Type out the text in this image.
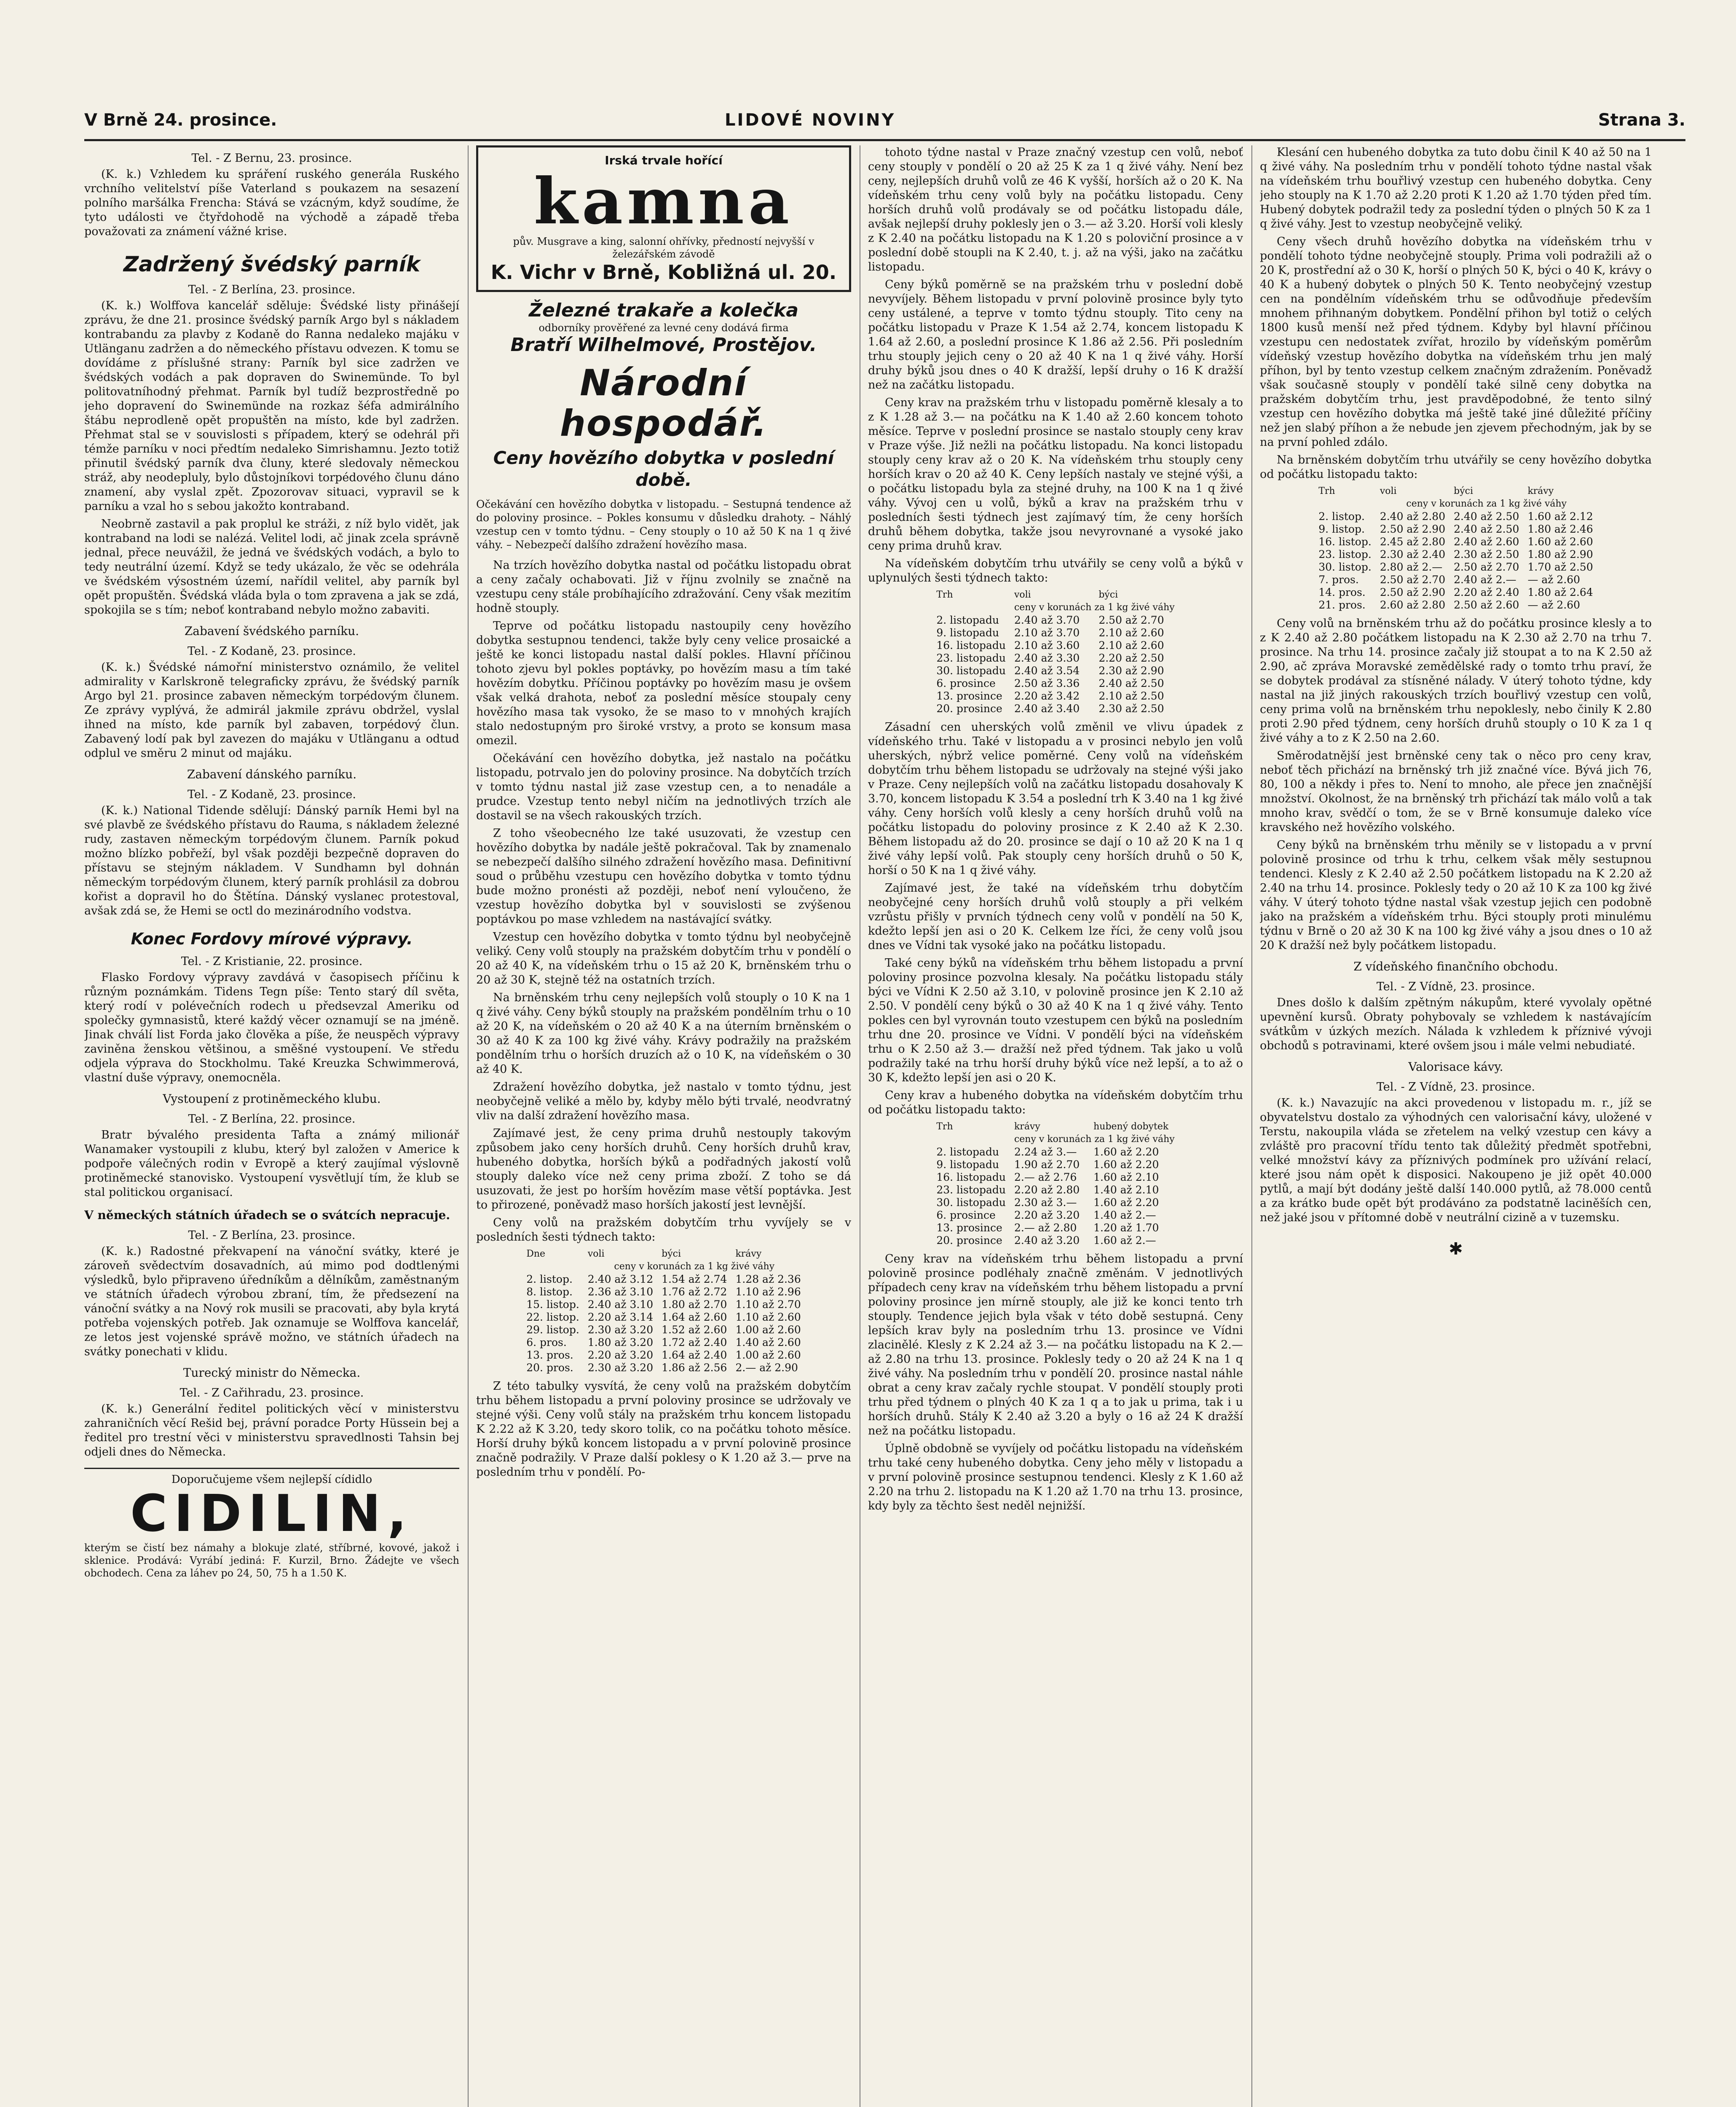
V Brně 24. prosince.	LIDOVÉ NOVINY	Strana 3.

Tel. - Z Bernu, 23. prosince.

(K. k.) Vzhledem ku spráření ruského generála Ruského vrchního velitelství píše Vaterland s poukazem na sesazení polního maršálka Frencha: Stává se vzácným, když soudíme, že tyto události ve čtyřdohodě na východě a západě třeba považovati za známení vážné krise.

Zadržený švédský parník

Tel. - Z Berlína, 23. prosince.

(K. k.) Wolffova kancelář sděluje: Švédské listy přinášejí zprávu, že dne 21. prosince švédský parník Argo byl s nákladem kontrabandu za plavby z Kodaně do Ranna nedaleko majáku v Utlänganu zadržen a do německého přístavu odvezen. K tomu se dovídáme z příslušné strany: Parník byl sice zadržen ve švédských vodách a pak dopraven do Swinemünde. To byl politovatníhodný přehmat. Parník byl tudíž bezprostředně po jeho dopravení do Swinemünde na rozkaz šéfa admirálního štábu neprodleně opět propuštěn na místo, kde byl zadržen. Přehmat stal se v souvislosti s případem, který se odehrál při témže parníku v noci předtím nedaleko Simrishamnu. Jezto totiž přinutil švédský parník dva čluny, které sledovaly německou stráž, aby neodepluly, bylo důstojníkovi torpédového člunu dáno znamení, aby vyslal zpět. Zpozorovav situaci, vypravil se k parníku a vzal ho s sebou jakožto kontraband.

Neobrně zastavil a pak proplul ke stráži, z níž bylo vidět, jak kontraband na lodi se nalézá. Velitel lodi, ač jinak zcela správně jednal, přece neuvážil, že jedná ve švédských vodách, a bylo to tedy neutrální území. Když se tedy ukázalo, že věc se odehrála ve švédském výsostném území, nařídil velitel, aby parník byl opět propuštěn. Švédská vláda byla o tom zpravena a jak se zdá, spokojila se s tím; neboť kontraband nebylo možno zabaviti.

Zabavení švédského parníku.

Tel. - Z Kodaně, 23. prosince.

(K. k.) Švédské námořní ministerstvo oznámilo, že velitel admirality v Karlskroně telegraficky zprávu, že švédský parník Argo byl 21. prosince zabaven německým torpédovým člunem. Ze zprávy vyplývá, že admirál jakmile zprávu obdržel, vyslal ihned na místo, kde parník byl zabaven, torpédový člun. Zabavený lodí pak byl zavezen do majáku v Utlänganu a odtud odplul ve směru 2 minut od majáku.

Zabavení dánského parníku.

Tel. - Z Kodaně, 23. prosince.

(K. k.) National Tidende sdělují: Dánský parník Hemi byl na své plavbě ze švédského přístavu do Rauma, s nákladem železné rudy, zastaven německým torpédovým člunem. Parník pokud možno blízko pobřeží, byl však později bezpečně dopraven do přístavu se stejným nákladem. V Sundhamn byl dohnán německým torpédovým člunem, který parník prohlásil za dobrou kořist a dopravil ho do Štětína. Dánský vyslanec protestoval, avšak zdá se, že Hemi se octl do mezinárodního vodstva.

Konec Fordovy mírové výpravy.

Tel. - Z Kristianie, 22. prosince.

Flasko Fordovy výpravy zavdává v časopisech příčinu k různým poznámkám. Tidens Tegn píše: Tento starý díl světa, který rodí v polévečních rodech u předsevzal Ameriku od společky gymnasistů, které každý věcer oznamují se na jméně. Jinak chválí list Forda jako člověka a píše, že neuspěch výpravy zaviněna ženskou většinou, a směšné vystoupení. Ve středu odjela výprava do Stockholmu. Také Kreuzka Schwimmerová, vlastní duše výpravy, onemocněla.

Vystoupení z protiněmeckého klubu.

Tel. - Z Berlína, 22. prosince.

Bratr bývalého presidenta Tafta a známý milionář Wanamaker vystoupili z klubu, který byl založen v Americe k podpoře válečných rodin v Evropě a který zaujímal výslovně protiněmecké stanovisko. Vystoupení vysvětlují tím, že klub se stal politickou organisací.

V německých státních úřadech se o svátcích nepracuje.

Tel. - Z Berlína, 23. prosince.

(K. k.) Radostné překvapení na vánoční svátky, které je zároveň svědectvím dosavadních, aú mimo pod dodtlenými výsledků, bylo připraveno úředníkům a dělníkům, zaměstnaným ve státních úřadech výrobou zbraní, tím, že předsezení na vánoční svátky a na Nový rok musili se pracovati, aby byla krytá potřeba vojenských potřeb. Jak oznamuje se Wolffova kancelář, ze letos jest vojenské správě možno, ve státních úřadech na svátky ponechati v klidu.

Turecký ministr do Německa.

Tel. - Z Cařihradu, 23. prosince.

(K. k.) Generální ředitel politických věcí v ministerstvu zahraničních věcí Rešid bej, právní poradce Porty Hüssein bej a ředitel pro trestní věci v ministerstvu spravedlnosti Tahsin bej odjeli dnes do Německa.

Doporučujeme všem nejlepší cídidlo
CIDILIN,
kterým se čistí bez námahy a blokuje zlaté, stříbrné, kovové, jakož i sklenice. Prodává: Vyrábí jediná: F. Kurzil, Brno. Žádejte ve všech obchodech. Cena za láhev po 24, 50, 75 h a 1.50 K.
Irská trvale hořící
kamna
pův. Musgrave a king, salonní ohřívky, předností nejvyšší v železářském závodě
K. Vichr v Brně, Kobližná ul. 20.
Železné trakaře a kolečka
odborníky prověřené za levné ceny dodává firma
Bratří Wilhelmové, Prostějov.
Národní hospodář.
Ceny hovězího dobytka v poslední době.

Očekávání cen hovězího dobytka v listopadu. – Sestupná tendence až do poloviny prosince. – Pokles konsumu v důsledku drahoty. – Náhlý vzestup cen v tomto týdnu. – Ceny stouply o 10 až 50 K na 1 q živé váhy. – Nebezpečí dalšího zdražení hovězího masa.

Na trzích hovězího dobytka nastal od počátku listopadu obrat a ceny začaly ochabovati. Již v říjnu zvolnily se značně na vzestupu ceny stále probíhajícího zdražování. Ceny však mezitím hodně stouply.

Teprve od počátku listopadu nastoupily ceny hovězího dobytka sestupnou tendenci, takže byly ceny velice prosaické a ještě ke konci listopadu nastal další pokles. Hlavní příčinou tohoto zjevu byl pokles poptávky, po hovězím masu a tím také hovězím dobytku. Příčinou poptávky po hovězím masu je ovšem však velká drahota, neboť za poslední měsíce stoupaly ceny hovězího masa tak vysoko, že se maso to v mnohých krajích stalo nedostupným pro široké vrstvy, a proto se konsum masa omezil.

Očekávání cen hovězího dobytka, jež nastalo na počátku listopadu, potrvalo jen do poloviny prosince. Na dobytčích trzích v tomto týdnu nastal již zase vzestup cen, a to nenadále a prudce. Vzestup tento nebyl ničím na jednotlivých trzích ale dostavil se na všech rakouských trzích.

Z toho všeobecného lze také usuzovati, že vzestup cen hovězího dobytka by nadále ještě pokračoval. Tak by znamenalo se nebezpečí dalšího silného zdražení hovězího masa. Definitivní soud o průběhu vzestupu cen hovězího dobytka v tomto týdnu bude možno pronésti až později, neboť není vyloučeno, že vzestup hovězího dobytka byl v souvislosti se zvýšenou poptávkou po mase vzhledem na nastávající svátky.

Vzestup cen hovězího dobytka v tomto týdnu byl neobyčejně veliký. Ceny volů stouply na pražském dobytčím trhu v pondělí o 20 až 40 K, na vídeňském trhu o 15 až 20 K, brněnském trhu o 20 až 30 K, stejně též na ostatních trzích.

Na brněnském trhu ceny nejlepších volů stouply o 10 K na 1 q živé váhy. Ceny býků stouply na pražském pondělním trhu o 10 až 20 K, na vídeňském o 20 až 40 K a na úterním brněnském o 30 až 40 K za 100 kg živé váhy. Krávy podražily na pražském pondělním trhu o horších druzích až o 10 K, na vídeňském o 30 až 40 K.

Zdražení hovězího dobytka, jež nastalo v tomto týdnu, jest neobyčejně veliké a mělo by, kdyby mělo býti trvalé, neodvratný vliv na další zdražení hovězího masa.

Zajímavé jest, že ceny prima druhů nestouply takovým způsobem jako ceny horších druhů. Ceny horších druhů krav, hubeného dobytka, horších býků a podřadných jakostí volů stouply daleko více než ceny prima zboží. Z toho se dá usuzovati, že jest po horším hovězím mase větší poptávka. Jest to přirozené, poněvadž maso horších jakostí jest levnější.

Ceny volů na pražském dobytčím trhu vyvíjely se v posledních šesti týdnech takto:

Dne	voli	býci	krávy
	ceny v korunách za 1 kg živé váhy		
2. listop.	2.40 až 3.12	1.54 až 2.74	1.28 až 2.36
8. listop.	2.36 až 3.10	1.76 až 2.72	1.10 až 2.96
15. listop.	2.40 až 3.10	1.80 až 2.70	1.10 až 2.70
22. listop.	2.20 až 3.14	1.64 až 2.60	1.10 až 2.60
29. listop.	2.30 až 3.20	1.52 až 2.60	1.00 až 2.60
6. pros.	1.80 až 3.20	1.72 až 2.40	1.40 až 2.60
13. pros.	2.20 až 3.20	1.64 až 2.40	1.00 až 2.60
20. pros.	2.30 až 3.20	1.86 až 2.56	2.— až 2.90

Z této tabulky vysvítá, že ceny volů na pražském dobytčím trhu během listopadu a první poloviny prosince se udržovaly ve stejné výši. Ceny volů stály na pražském trhu koncem listopadu K 2.22 až K 3.20, tedy skoro tolik, co na počátku tohoto měsíce. Horší druhy býků koncem listopadu a v první polovině prosince značně podražily. V Praze další poklesy o K 1.20 až 3.— prve na posledním trhu v pondělí. Po-

tohoto týdne nastal v Praze značný vzestup cen volů, neboť ceny stouply v pondělí o 20 až 25 K za 1 q živé váhy. Není bez ceny, nejlepších druhů volů ze 46 K vyšší, horších až o 20 K. Na vídeňském trhu ceny volů byly na počátku listopadu. Ceny horších druhů volů prodávaly se od počátku listopadu dále, avšak nejlepší druhy poklesly jen o 3.— až 3.20. Horší voli klesly z K 2.40 na počátku listopadu na K 1.20 s poloviční prosince a v poslední době stoupli na K 2.40, t. j. až na výši, jako na začátku listopadu.

Ceny býků poměrně se na pražském trhu v poslední době nevyvíjely. Během listopadu v první polovině prosince byly tyto ceny ustálené, a teprve v tomto týdnu stouply. Tito ceny na počátku listopadu v Praze K 1.54 až 2.74, koncem listopadu K 1.64 až 2.60, a poslední prosince K 1.86 až 2.56. Při posledním trhu stouply jejich ceny o 20 až 40 K na 1 q živé váhy. Horší druhy býků jsou dnes o 40 K dražší, lepší druhy o 16 K dražší než na začátku listopadu.

Ceny krav na pražském trhu v listopadu poměrně klesaly a to z K 1.28 až 3.— na počátku na K 1.40 až 2.60 koncem tohoto měsíce. Teprve v poslední prosince se nastalo stouply ceny krav v Praze výše. Již nežli na počátku listopadu. Na konci listopadu stouply ceny krav až o 20 K. Na vídeňském trhu stouply ceny horších krav o 20 až 40 K. Ceny lepších nastaly ve stejné výši, a o počátku listopadu byla za stejné druhy, na 100 K na 1 q živé váhy. Vývoj cen u volů, býků a krav na pražském trhu v posledních šesti týdnech jest zajímavý tím, že ceny horších druhů během dobytka, takže jsou nevyrovnané a vysoké jako ceny prima druhů krav.

Na vídeňském dobytčím trhu utvářily se ceny volů a býků v uplynulých šesti týdnech takto:

Trh	voli	býci
	ceny v korunách za 1 kg živé váhy	
2. listopadu	2.40 až 3.70	2.50 až 2.70
9. listopadu	2.10 až 3.70	2.10 až 2.60
16. listopadu	2.10 až 3.60	2.10 až 2.60
23. listopadu	2.40 až 3.30	2.20 až 2.50
30. listopadu	2.40 až 3.54	2.30 až 2.90
6. prosince	2.50 až 3.36	2.40 až 2.50
13. prosince	2.20 až 3.42	2.10 až 2.50
20. prosince	2.40 až 3.40	2.30 až 2.50

Zásadní cen uherských volů změnil ve vlivu úpadek z vídeňského trhu. Také v listopadu a v prosinci nebylo jen volů uherských, nýbrž velice poměrné. Ceny volů na vídeňském dobytčím trhu během listopadu se udržovaly na stejné výši jako v Praze. Ceny nejlepších volů na začátku listopadu dosahovaly K 3.70, koncem listopadu K 3.54 a poslední trh K 3.40 na 1 kg živé váhy. Ceny horších volů klesly a ceny horších druhů volů na počátku listopadu do poloviny prosince z K 2.40 až K 2.30. Během listopadu až do 20. prosince se dají o 10 až 20 K na 1 q živé váhy lepší volů. Pak stouply ceny horších druhů o 50 K, horší o 50 K na 1 q živé váhy.

Zajímavé jest, že také na vídeňském trhu dobytčím neobyčejné ceny horších druhů volů stouply a při velkém vzrůstu přišly v prvních týdnech ceny volů v pondělí na 50 K, kdežto lepší jen asi o 20 K. Celkem lze říci, že ceny volů jsou dnes ve Vídni tak vysoké jako na počátku listopadu.

Také ceny býků na vídeňském trhu během listopadu a první poloviny prosince pozvolna klesaly. Na počátku listopadu stály býci ve Vídni K 2.50 až 3.10, v polovině prosince jen K 2.10 až 2.50. V pondělí ceny býků o 30 až 40 K na 1 q živé váhy. Tento pokles cen byl vyrovnán touto vzestupem cen býků na posledním trhu dne 20. prosince ve Vídni. V pondělí býci na vídeňském trhu o K 2.50 až 3.— dražší než před týdnem. Tak jako u volů podražily také na trhu horší druhy býků více než lepší, a to až o 30 K, kdežto lepší jen asi o 20 K.

Ceny krav a hubeného dobytka na vídeňském dobytčím trhu od počátku listopadu takto:

Trh	krávy	hubený dobytek
	ceny v korunách za 1 kg živé váhy	
2. listopadu	2.24 až 3.—	1.60 až 2.20
9. listopadu	1.90 až 2.70	1.60 až 2.20
16. listopadu	2.— až 2.76	1.60 až 2.10
23. listopadu	2.20 až 2.80	1.40 až 2.10
30. listopadu	2.30 až 3.—	1.60 až 2.20
6. prosince	2.20 až 3.20	1.40 až 2.—
13. prosince	2.— až 2.80	1.20 až 1.70
20. prosince	2.40 až 3.20	1.60 až 2.—

Ceny krav na vídeňském trhu během listopadu a první polovině prosince podléhaly značně změnám. V jednotlivých případech ceny krav na vídeňském trhu během listopadu a první poloviny prosince jen mírně stouply, ale již ke konci tento trh stouply. Tendence jejich byla však v této době sestupná. Ceny lepších krav byly na posledním trhu 13. prosince ve Vídni zlacinělé. Klesly z K 2.24 až 3.— na počátku listopadu na K 2.— až 2.80 na trhu 13. prosince. Poklesly tedy o 20 až 24 K na 1 q živé váhy. Na posledním trhu v pondělí 20. prosince nastal náhle obrat a ceny krav začaly rychle stoupat. V pondělí stouply proti trhu před týdnem o plných 40 K za 1 q a to jak u prima, tak i u horších druhů. Stály K 2.40 až 3.20 a byly o 16 až 24 K dražší než na počátku listopadu.

Úplně obdobně se vyvíjely od počátku listopadu na vídeňském trhu také ceny hubeného dobytka. Ceny jeho měly v listopadu a v první polovině prosince sestupnou tendenci. Klesly z K 1.60 až 2.20 na trhu 2. listopadu na K 1.20 až 1.70 na trhu 13. prosince, kdy byly za těchto šest neděl nejnižší.

Klesání cen hubeného dobytka za tuto dobu činil K 40 až 50 na 1 q živé váhy. Na posledním trhu v pondělí tohoto týdne nastal však na vídeňském trhu bouřlivý vzestup cen hubeného dobytka. Ceny jeho stouply na K 1.70 až 2.20 proti K 1.20 až 1.70 týden před tím. Hubený dobytek podražil tedy za poslední týden o plných 50 K za 1 q živé váhy. Jest to vzestup neobyčejně veliký.

Ceny všech druhů hovězího dobytka na vídeňském trhu v pondělí tohoto týdne neobyčejně stouply. Prima voli podražili až o 20 K, prostřední až o 30 K, horší o plných 50 K, býci o 40 K, krávy o 40 K a hubený dobytek o plných 50 K. Tento neobyčejný vzestup cen na pondělním vídeňském trhu se odůvodňuje především mnohem přihnaným dobytkem. Pondělní přihon byl totiž o celých 1800 kusů menší než před týdnem. Kdyby byl hlavní příčinou vzestupu cen nedostatek zvířat, hrozilo by vídeňským poměrům vídeňský vzestup hovězího dobytka na vídeňském trhu jen malý příhon, byl by tento vzestup celkem značným zdražením. Poněvadž však současně stouply v pondělí také silně ceny dobytka na pražském dobytčím trhu, jest pravděpodobné, že tento silný vzestup cen hovězího dobytka má ještě také jiné důležité příčiny než jen slabý příhon a že nebude jen zjevem přechodným, jak by se na první pohled zdálo.

Na brněnském dobytčím trhu utvářily se ceny hovězího dobytka od počátku listopadu takto:

Trh	voli	býci	krávy
	ceny v korunách za 1 kg živé váhy		
2. listop.	2.40 až 2.80	2.40 až 2.50	1.60 až 2.12
9. listop.	2.50 až 2.90	2.40 až 2.50	1.80 až 2.46
16. listop.	2.45 až 2.80	2.40 až 2.60	1.60 až 2.60
23. listop.	2.30 až 2.40	2.30 až 2.50	1.80 až 2.90
30. listop.	2.80 až 2.—	2.50 až 2.70	1.70 až 2.50
7. pros.	2.50 až 2.70	2.40 až 2.—	— až 2.60
14. pros.	2.50 až 2.90	2.20 až 2.40	1.80 až 2.64
21. pros.	2.60 až 2.80	2.50 až 2.60	— až 2.60

Ceny volů na brněnském trhu až do počátku prosince klesly a to z K 2.40 až 2.80 počátkem listopadu na K 2.30 až 2.70 na trhu 7. prosince. Na trhu 14. prosince začaly již stoupat a to na K 2.50 až 2.90, ač zpráva Moravské zemědělské rady o tomto trhu praví, že se dobytek prodával za stísněné nálady. V úterý tohoto týdne, kdy nastal na již jiných rakouských trzích bouřlivý vzestup cen volů, ceny prima volů na brněnském trhu nepoklesly, nebo činily K 2.80 proti 2.90 před týdnem, ceny horších druhů stouply o 10 K za 1 q živé váhy a to z K 2.50 na 2.60.

Směrodatnější jest brněnské ceny tak o něco pro ceny krav, neboť těch přichází na brněnský trh již značné více. Bývá jich 76, 80, 100 a někdy i přes to. Není to mnoho, ale přece jen značnější množství. Okolnost, že na brněnský trh přichází tak málo volů a tak mnoho krav, svědčí o tom, že se v Brně konsumuje daleko více kravského než hovězího volského.

Ceny býků na brněnském trhu měnily se v listopadu a v první polovině prosince od trhu k trhu, celkem však měly sestupnou tendenci. Klesly z K 2.40 až 2.50 počátkem listopadu na K 2.20 až 2.40 na trhu 14. prosince. Poklesly tedy o 20 až 10 K za 100 kg živé váhy. V úterý tohoto týdne nastal však vzestup jejich cen podobně jako na pražském a vídeňském trhu. Býci stouply proti minulému týdnu v Brně o 20 až 30 K na 100 kg živé váhy a jsou dnes o 10 až 20 K dražší než byly počátkem listopadu.

Z vídeňského finančního obchodu.

Tel. - Z Vídně, 23. prosince.

Dnes došlo k dalším zpětným nákupům, které vyvolaly opětné upevnění kursů. Obraty pohybovaly se vzhledem k nastávajícím svátkům v úzkých mezích. Nálada k vzhledem k příznivé vývoji obchodů s potravinami, které ovšem jsou i mále velmi nebudiaté.

Valorisace kávy.

Tel. - Z Vídně, 23. prosince.

(K. k.) Navazujíc na akci provedenou v listopadu m. r., jíž se obyvatelstvu dostalo za výhodných cen valorisační kávy, uložené v Terstu, nakoupila vláda se zřetelem na velký vzestup cen kávy a zvláště pro pracovní třídu tento tak důležitý předmět spotřebni, velké množství kávy za příznivých podmínek pro užívání relací, které jsou nám opět k disposici. Nakoupeno je již opět 40.000 pytlů, a mají být dodány ještě další 140.000 pytlů, až 78.000 centů a za krátko bude opět být prodáváno za podstatně laciněších cen, než jaké jsou v přítomné době v neutrální cizině a v tuzemsku.

✱
